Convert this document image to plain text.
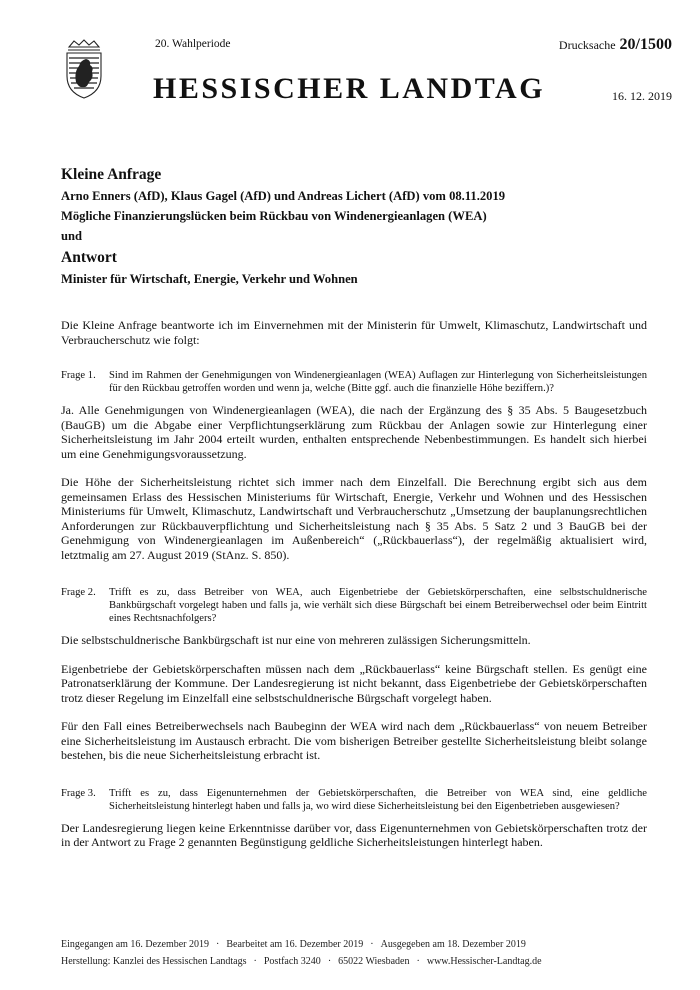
20. Wahlperiode	Drucksache 20/1500
HESSISCHER LANDTAG	16. 12. 2019
Kleine Anfrage
Arno Enners (AfD), Klaus Gagel (AfD) und Andreas Lichert (AfD) vom 08.11.2019
Mögliche Finanzierungslücken beim Rückbau von Windenergieanlagen (WEA)
und
Antwort
Minister für Wirtschaft, Energie, Verkehr und Wohnen

Die Kleine Anfrage beantworte ich im Einvernehmen mit der Ministerin für Umwelt, Klimaschutz, Landwirtschaft und Verbraucherschutz wie folgt:

Frage 1.	Sind im Rahmen der Genehmigungen von Windenergieanlagen (WEA) Auflagen zur Hinterlegung von Sicherheitsleistungen für den Rückbau getroffen worden und wenn ja, welche (Bitte ggf. auch die finanzielle Höhe beziffern.)?

Ja. Alle Genehmigungen von Windenergieanlagen (WEA), die nach der Ergänzung des § 35 Abs. 5 Baugesetzbuch (BauGB) um die Abgabe einer Verpflichtungserklärung zum Rückbau der Anlagen sowie zur Hinterlegung einer Sicherheitsleistung im Jahr 2004 erteilt wurden, enthalten entsprechende Nebenbestimmungen. Es handelt sich hierbei um eine Genehmigungsvoraussetzung.

Die Höhe der Sicherheitsleistung richtet sich immer nach dem Einzelfall. Die Berechnung ergibt sich aus dem gemeinsamen Erlass des Hessischen Ministeriums für Wirtschaft, Energie, Verkehr und Wohnen und des Hessischen Ministeriums für Umwelt, Klimaschutz, Landwirtschaft und Verbraucherschutz „Umsetzung der bauplanungsrechtlichen Anforderungen zur Rückbauverpflichtung und Sicherheitsleistung nach § 35 Abs. 5 Satz 2 und 3 BauGB bei der Genehmigung von Windenergieanlagen im Außenbereich“ („Rückbauerlass“), der regelmäßig aktualisiert wird, letztmalig am 27. August 2019 (StAnz. S. 850).

Frage 2.	Trifft es zu, dass Betreiber von WEA, auch Eigenbetriebe der Gebietskörperschaften, eine selbstschuldnerische Bankbürgschaft vorgelegt haben und falls ja, wie verhält sich diese Bürgschaft bei einem Betreiberwechsel oder beim Eintritt eines Rechtsnachfolgers?

Die selbstschuldnerische Bankbürgschaft ist nur eine von mehreren zulässigen Sicherungsmitteln.

Eigenbetriebe der Gebietskörperschaften müssen nach dem „Rückbauerlass“ keine Bürgschaft stellen. Es genügt eine Patronatserklärung der Kommune. Der Landesregierung ist nicht bekannt, dass Eigenbetriebe der Gebietskörperschaften trotz dieser Regelung im Einzelfall eine selbstschuldnerische Bürgschaft vorgelegt haben.

Für den Fall eines Betreiberwechsels nach Baubeginn der WEA wird nach dem „Rückbauerlass“ von neuem Betreiber eine Sicherheitsleistung im Austausch erbracht. Die vom bisherigen Betreiber gestellte Sicherheitsleistung bleibt solange bestehen, bis die neue Sicherheitsleistung erbracht ist.

Frage 3.	Trifft es zu, dass Eigenunternehmen der Gebietskörperschaften, die Betreiber von WEA sind, eine geldliche Sicherheitsleistung hinterlegt haben und falls ja, wo wird diese Sicherheitsleistung bei den Eigenbetrieben ausgewiesen?

Der Landesregierung liegen keine Erkenntnisse darüber vor, dass Eigenunternehmen von Gebietskörperschaften trotz der in der Antwort zu Frage 2 genannten Begünstigung geldliche Sicherheitsleistungen hinterlegt haben.

Eingegangen am 16. Dezember 2019 · Bearbeitet am 16. Dezember 2019 · Ausgegeben am 18. Dezember 2019
Herstellung: Kanzlei des Hessischen Landtags · Postfach 3240 · 65022 Wiesbaden · www.Hessischer-Landtag.de
